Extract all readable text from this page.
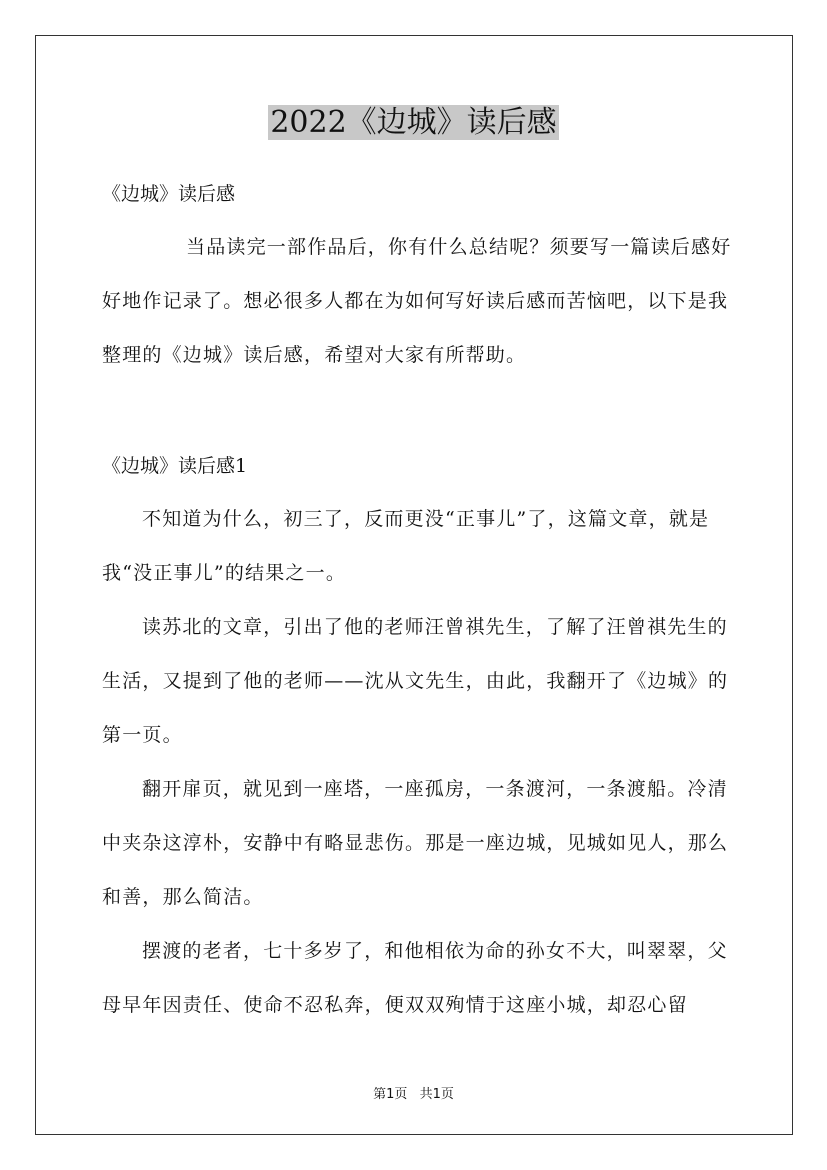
2022《边城》读后感

《边城》读后感

当品读完一部作品后，你有什么总结呢？须要写一篇读后感好好地作记录了。想必很多人都在为如何写好读后感而苦恼吧，以下是我整理的《边城》读后感，希望对大家有所帮助。

《边城》读后感1

不知道为什么，初三了，反而更没“正事儿”了，这篇文章，就是我“没正事儿”的结果之一。

读苏北的文章，引出了他的老师汪曾祺先生，了解了汪曾祺先生的生活，又提到了他的老师——沈从文先生，由此，我翻开了《边城》的第一页。

翻开扉页，就见到一座塔，一座孤房，一条渡河，一条渡船。冷清中夹杂这淳朴，安静中有略显悲伤。那是一座边城，见城如见人，那么和善，那么简洁。

摆渡的老者，七十多岁了，和他相依为命的孙女不大，叫翠翠，父母早年因责任、使命不忍私奔，便双双殉情于这座小城，却忍心留

第1页 共1页
